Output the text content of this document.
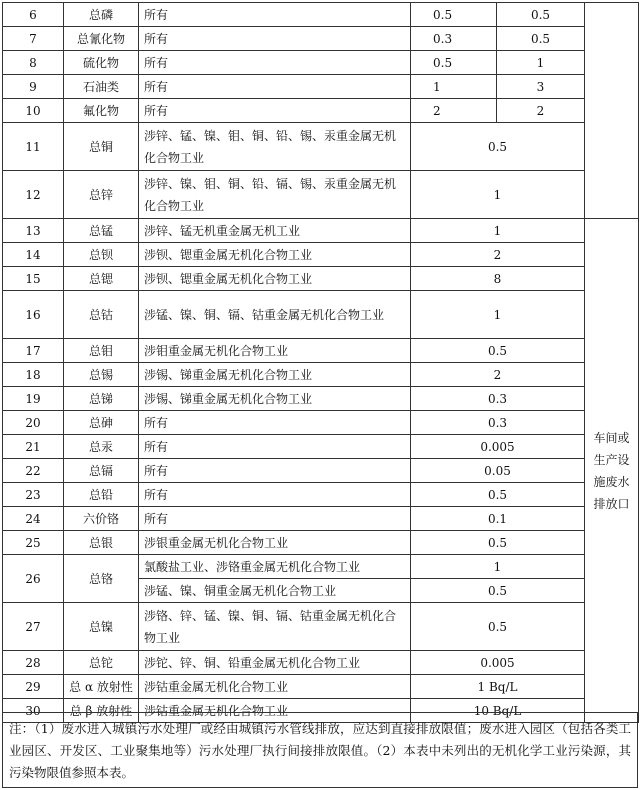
6	总磷	所有	0.5	0.5	
7	总氰化物	所有	0.3	0.5	
8	硫化物	所有	0.5	1	
9	石油类	所有	1	3	
10	氟化物	所有	2	2	
11	总铜	涉锌、锰、镍、钼、铜、铅、锡、汞重金属无机化合物工业	0.5		
12	总锌	涉锌、镍、钼、铜、铅、镉、锡、汞重金属无机化合物工业	1		
13	总锰	涉锌、锰无机重金属无机工业	1		车间或生产设施废水排放口
14	总钡	涉钡、锶重金属无机化合物工业	2		
15	总锶	涉钡、锶重金属无机化合物工业	8		
16	总钴	涉锰、镍、铜、镉、钴重金属无机化合物工业	1		
17	总钼	涉钼重金属无机化合物工业	0.5		
18	总锡	涉锡、锑重金属无机化合物工业	2		
19	总锑	涉锡、锑重金属无机化合物工业	0.3		
20	总砷	所有	0.3		
21	总汞	所有	0.005		
22	总镉	所有	0.05		
23	总铅	所有	0.5		
24	六价铬	所有	0.1		
25	总银	涉银重金属无机化合物工业	0.5		
26	总铬	氯酸盐工业、涉铬重金属无机化合物工业	1		
		涉锰、镍、铜重金属无机化合物工业	0.5		
27	总镍	涉铬、锌、锰、镍、铜、镉、钴重金属无机化合物工业	0.5		
28	总铊	涉铊、锌、铜、铅重金属无机化合物工业	0.005		
29	总 α 放射性	涉钴重金属无机化合物工业	1 Bq/L		
30	总 β 放射性	涉钴重金属无机化合物工业	10 Bq/L		
注：（1）废水进入城镇污水处理厂或经由城镇污水管线排放，应达到直接排放限值；废水进入园区（包括各类工业园区、开发区、工业聚集地等）污水处理厂执行间接排放限值。（2）本表中未列出的无机化学工业污染源，其污染物限值参照本表。
